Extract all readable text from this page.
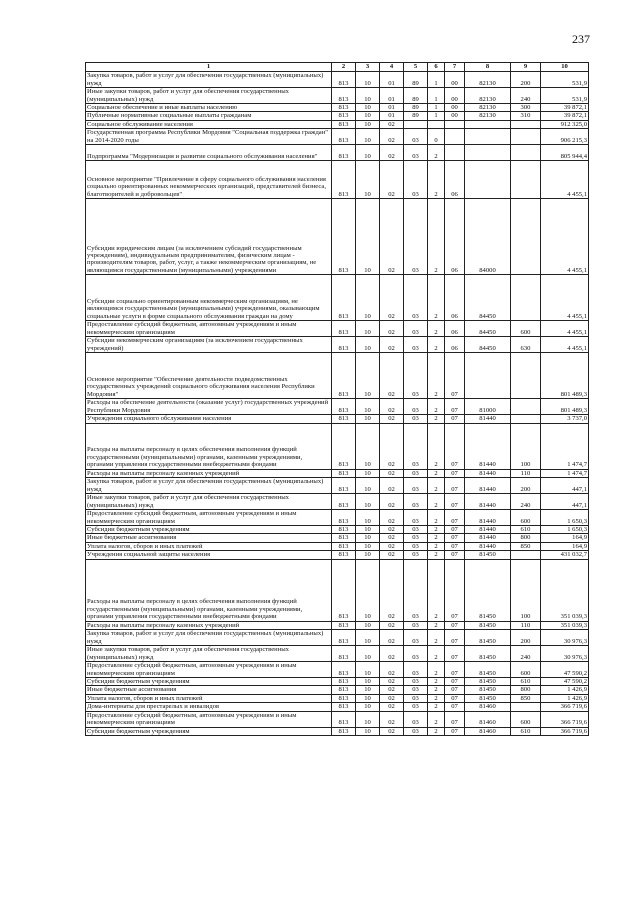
237
1	2	3	4	5	6	7	8	9	10
Закупка товаров, работ и услуг для обеспечения государственных (муниципальных) нужд	813	10	01	89	1	00	82130	200	531,9
Иные закупки товаров, работ и услуг для обеспечения государственных (муниципальных) нужд	813	10	01	89	1	00	82130	240	531,9
Социальное обеспечение и иные выплаты населению	813	10	01	89	1	00	82130	300	39 872,1
Публичные нормативные социальные выплаты гражданам	813	10	01	89	1	00	82130	310	39 872,1
Социальное обслуживание населения	813	10	02						912 325,0
Государственная программа Республики Мордовия "Социальная поддержка граждан" на 2014-2020 годы	813	10	02	03	0				906 215,3
Подпрограмма "Модернизация и развитие социального обслуживания населения"	813	10	02	03	2				805 944,4
Основное мероприятие "Привлечение в сферу социального обслуживания населения социально ориентированных некоммерческих организаций, представителей бизнеса, благотворителей и добровольцев"	813	10	02	03	2	06			4 455,1
Субсидии юридическим лицам (за исключением субсидий государственным учреждениям), индивидуальным предпринимателям, физическим лицам - производителям товаров, работ, услуг, а также некоммерческим организациям, не являющимся государственными (муниципальными) учреждениями	813	10	02	03	2	06	84000		4 455,1
Субсидии социально ориентированным некоммерческим организациям, не являющимся государственными (муниципальными) учреждениями, оказывающим социальные услуги в форме социального обслуживания граждан на дому	813	10	02	03	2	06	84450		4 455,1
Предоставление субсидий бюджетным, автономным учреждениям и иным некоммерческим организациям	813	10	02	03	2	06	84450	600	4 455,1
Субсидии некоммерческим организациям (за исключением государственных учреждений)	813	10	02	03	2	06	84450	630	4 455,1
Основное мероприятие "Обеспечение деятельности подведомственных государственных учреждений социального обслуживания населения Республики Мордовия"	813	10	02	03	2	07			801 489,3
Расходы на обеспечение деятельности (оказание услуг) государственных учреждений Республики Мордовия	813	10	02	03	2	07	81000		801 489,3
Учреждения социального обслуживания населения	813	10	02	03	2	07	81440		3 737,0
Расходы на выплаты персоналу в целях обеспечения выполнения функций государственными (муниципальными) органами, казенными учреждениями, органами управления государственными внебюджетными фондами	813	10	02	03	2	07	81440	100	1 474,7
Расходы на выплаты персоналу казенных учреждений	813	10	02	03	2	07	81440	110	1 474,7
Закупка товаров, работ и услуг для обеспечения государственных (муниципальных) нужд	813	10	02	03	2	07	81440	200	447,1
Иные закупки товаров, работ и услуг для обеспечения государственных (муниципальных) нужд	813	10	02	03	2	07	81440	240	447,1
Предоставление субсидий бюджетным, автономным учреждениям и иным некоммерческим организациям	813	10	02	03	2	07	81440	600	1 650,3
Субсидии бюджетным учреждениям	813	10	02	03	2	07	81440	610	1 650,3
Иные бюджетные ассигнования	813	10	02	03	2	07	81440	800	164,9
Уплата налогов, сборов и иных платежей	813	10	02	03	2	07	81440	850	164,9
Учреждения социальной защиты населения	813	10	02	03	2	07	81450		431 032,7
Расходы на выплаты персоналу в целях обеспечения выполнения функций государственными (муниципальными) органами, казенными учреждениями, органами управления государственными внебюджетными фондами	813	10	02	03	2	07	81450	100	351 039,3
Расходы на выплаты персоналу казенных учреждений	813	10	02	03	2	07	81450	110	351 039,3
Закупка товаров, работ и услуг для обеспечения государственных (муниципальных) нужд	813	10	02	03	2	07	81450	200	30 976,3
Иные закупки товаров, работ и услуг для обеспечения государственных (муниципальных) нужд	813	10	02	03	2	07	81450	240	30 976,3
Предоставление субсидий бюджетным, автономным учреждениям и иным некоммерческим организациям	813	10	02	03	2	07	81450	600	47 590,2
Субсидии бюджетным учреждениям	813	10	02	03	2	07	81450	610	47 590,2
Иные бюджетные ассигнования	813	10	02	03	2	07	81450	800	1 426,9
Уплата налогов, сборов и иных платежей	813	10	02	03	2	07	81450	850	1 426,9
Дома-интернаты для престарелых и инвалидов	813	10	02	03	2	07	81460		366 719,6
Предоставление субсидий бюджетным, автономным учреждениям и иным некоммерческим организациям	813	10	02	03	2	07	81460	600	366 719,6
Субсидии бюджетным учреждениям	813	10	02	03	2	07	81460	610	366 719,6
